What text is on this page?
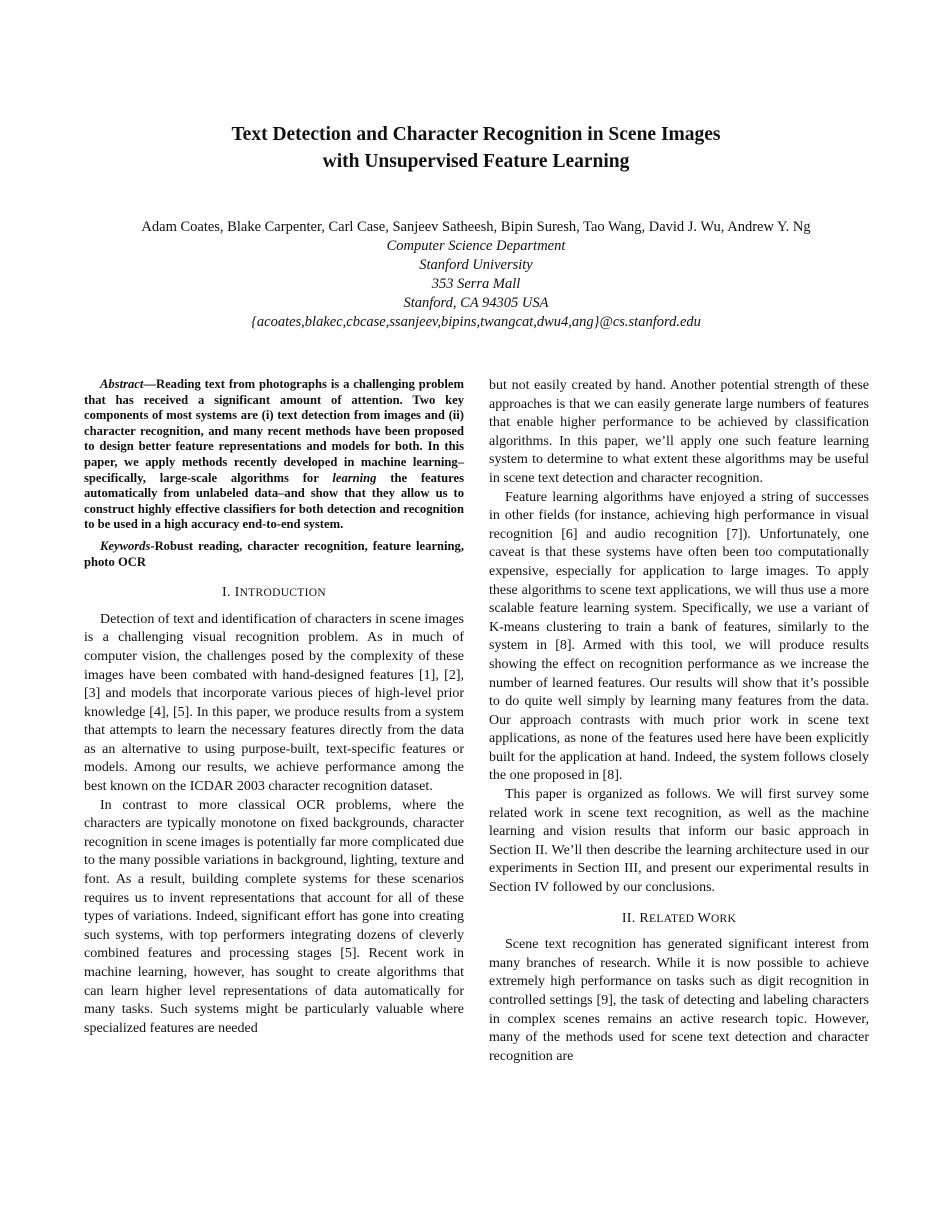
Text Detection and Character Recognition in Scene Images
with Unsupervised Feature Learning
Adam Coates, Blake Carpenter, Carl Case, Sanjeev Satheesh, Bipin Suresh, Tao Wang, David J. Wu, Andrew Y. Ng
Computer Science Department
Stanford University
353 Serra Mall
Stanford, CA 94305 USA
{acoates,blakec,cbcase,ssanjeev,bipins,twangcat,dwu4,ang}@cs.stanford.edu

Abstract—Reading text from photographs is a challenging problem that has received a significant amount of attention. Two key components of most systems are (i) text detection from images and (ii) character recognition, and many recent methods have been proposed to design better feature representations and models for both. In this paper, we apply methods recently developed in machine learning–specifically, large-scale algorithms for learning the features automatically from unlabeled data–and show that they allow us to construct highly effective classifiers for both detection and recognition to be used in a high accuracy end-to-end system.

Keywords-Robust reading, character recognition, feature learning, photo OCR

I. INTRODUCTION

Detection of text and identification of characters in scene images is a challenging visual recognition problem. As in much of computer vision, the challenges posed by the complexity of these images have been combated with hand-designed features [1], [2], [3] and models that incorporate various pieces of high-level prior knowledge [4], [5]. In this paper, we produce results from a system that attempts to learn the necessary features directly from the data as an alternative to using purpose-built, text-specific features or models. Among our results, we achieve performance among the best known on the ICDAR 2003 character recognition dataset.

In contrast to more classical OCR problems, where the characters are typically monotone on fixed backgrounds, character recognition in scene images is potentially far more complicated due to the many possible variations in background, lighting, texture and font. As a result, building complete systems for these scenarios requires us to invent representations that account for all of these types of variations. Indeed, significant effort has gone into creating such systems, with top performers integrating dozens of cleverly combined features and processing stages [5]. Recent work in machine learning, however, has sought to create algorithms that can learn higher level representations of data automatically for many tasks. Such systems might be particularly valuable where specialized features are needed

but not easily created by hand. Another potential strength of these approaches is that we can easily generate large numbers of features that enable higher performance to be achieved by classification algorithms. In this paper, we’ll apply one such feature learning system to determine to what extent these algorithms may be useful in scene text detection and character recognition.

Feature learning algorithms have enjoyed a string of successes in other fields (for instance, achieving high performance in visual recognition [6] and audio recognition [7]). Unfortunately, one caveat is that these systems have often been too computationally expensive, especially for application to large images. To apply these algorithms to scene text applications, we will thus use a more scalable feature learning system. Specifically, we use a variant of K-means clustering to train a bank of features, similarly to the system in [8]. Armed with this tool, we will produce results showing the effect on recognition performance as we increase the number of learned features. Our results will show that it’s possible to do quite well simply by learning many features from the data. Our approach contrasts with much prior work in scene text applications, as none of the features used here have been explicitly built for the application at hand. Indeed, the system follows closely the one proposed in [8].

This paper is organized as follows. We will first survey some related work in scene text recognition, as well as the machine learning and vision results that inform our basic approach in Section II. We’ll then describe the learning architecture used in our experiments in Section III, and present our experimental results in Section IV followed by our conclusions.

II. RELATED WORK

Scene text recognition has generated significant interest from many branches of research. While it is now possible to achieve extremely high performance on tasks such as digit recognition in controlled settings [9], the task of detecting and labeling characters in complex scenes remains an active research topic. However, many of the methods used for scene text detection and character recognition are
